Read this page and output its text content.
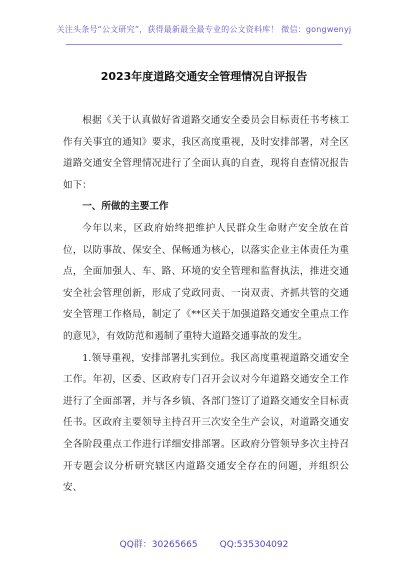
关注头条号“公文研究”，获得最新最全最专业的公文资料库！ 微信：gongwenyj
2023年度道路交通安全管理情况自评报告

根据《关于认真做好省道路交通安全委员会目标责任书考核工作有关事宜的通知》要求，我区高度重视，及时安排部署，对全区道路交通安全管理情况进行了全面认真的自查，现将自查情况报告如下：

一、所做的主要工作

今年以来，区政府始终把维护人民群众生命财产安全放在首位，以防事故、保安全、保畅通为核心，以落实企业主体责任为重点，全面加强人、车、路、环境的安全管理和监督执法，推进交通安全社会管理创新，形成了党政同责、一岗双责、齐抓共管的交通安全管理工作格局，制定了《**区关于加强道路交通安全重点工作的意见》，有效防范和遏制了重特大道路交通事故的发生。

1.领导重视，安排部署扎实到位。我区高度重视道路交通安全工作。年初，区委、区政府专门召开会议对今年道路交通安全工作进行了全面部署，并与各乡镇、各部门签订了道路交通安全目标责任书。区政府主要领导主持召开三次安全生产会议，对道路交通安全各阶段重点工作进行详细安排部署。区政府分管领导多次主持召开专题会议分析研究辖区内道路交通安全存在的问题，并组织公安、

QQ群：30265665 QQ:535304092
